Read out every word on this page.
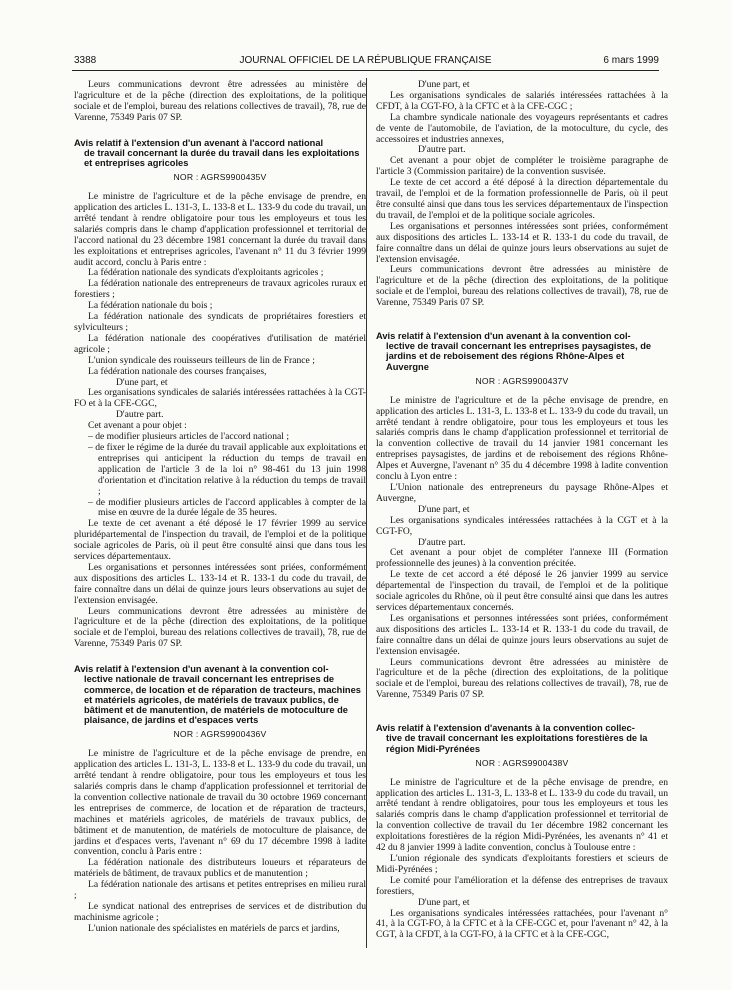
3388	JOURNAL OFFICIEL DE LA RÉPUBLIQUE FRANÇAISE	6 mars 1999

Leurs communications devront être adressées au ministère de l'agriculture et de la pêche (direction des exploitations, de la politique sociale et de l'emploi, bureau des relations collectives de travail), 78, rue de Varenne, 75349 Paris 07 SP.

Avis relatif à l'extension d'un avenant à l'accord national
de travail concernant la durée du travail dans les exploitations et entreprises agricoles
NOR : AGRS9900435V

Le ministre de l'agriculture et de la pêche envisage de prendre, en application des articles L. 131-3, L. 133-8 et L. 133-9 du code du travail, un arrêté tendant à rendre obligatoire pour tous les employeurs et tous les salariés compris dans le champ d'application professionnel et territorial de l'accord national du 23 décembre 1981 concernant la durée du travail dans les exploitations et entreprises agricoles, l'avenant n° 11 du 3 février 1999 audit accord, conclu à Paris entre :

La fédération nationale des syndicats d'exploitants agricoles ;

La fédération nationale des entrepreneurs de travaux agricoles ruraux et forestiers ;

La fédération nationale du bois ;

La fédération nationale des syndicats de propriétaires forestiers et sylviculteurs ;

La fédération nationale des coopératives d'utilisation de matériel agricole ;

L'union syndicale des rouisseurs teilleurs de lin de France ;

La fédération nationale des courses françaises,

D'une part, et

Les organisations syndicales de salariés intéressées rattachées à la CGT-FO et à la CFE-CGC,

D'autre part.

Cet avenant a pour objet :

– de modifier plusieurs articles de l'accord national ;
– de fixer le régime de la durée du travail applicable aux exploitations et entreprises qui anticipent la réduction du temps de travail en application de l'article 3 de la loi n° 98-461 du 13 juin 1998 d'orientation et d'incitation relative à la réduction du temps de travail ;
– de modifier plusieurs articles de l'accord applicables à compter de la mise en œuvre de la durée légale de 35 heures.

Le texte de cet avenant a été déposé le 17 février 1999 au service pluridépartemental de l'inspection du travail, de l'emploi et de la politique sociale agricoles de Paris, où il peut être consulté ainsi que dans tous les services départementaux.

Les organisations et personnes intéressées sont priées, conformément aux dispositions des articles L. 133-14 et R. 133-1 du code du travail, de faire connaître dans un délai de quinze jours leurs observations au sujet de l'extension envisagée.

Leurs communications devront être adressées au ministère de l'agriculture et de la pêche (direction des exploitations, de la politique sociale et de l'emploi, bureau des relations collectives de travail), 78, rue de Varenne, 75349 Paris 07 SP.

Avis relatif à l'extension d'un avenant à la convention col-
lective nationale de travail concernant les entreprises de commerce, de location et de réparation de tracteurs, machines et matériels agricoles, de matériels de travaux publics, de bâtiment et de manutention, de matériels de motoculture de plaisance, de jardins et d'espaces verts
NOR : AGRS9900436V

Le ministre de l'agriculture et de la pêche envisage de prendre, en application des articles L. 131-3, L. 133-8 et L. 133-9 du code du travail, un arrêté tendant à rendre obligatoire, pour tous les employeurs et tous les salariés compris dans le champ d'application professionnel et territorial de la convention collective nationale de travail du 30 octobre 1969 concernant les entreprises de commerce, de location et de réparation de tracteurs, machines et matériels agricoles, de matériels de travaux publics, de bâtiment et de manutention, de matériels de motoculture de plaisance, de jardins et d'espaces verts, l'avenant n° 69 du 17 décembre 1998 à ladite convention, conclu à Paris entre :

La fédération nationale des distributeurs loueurs et réparateurs de matériels de bâtiment, de travaux publics et de manutention ;

La fédération nationale des artisans et petites entreprises en milieu rural ;

Le syndicat national des entreprises de services et de distribution du machinisme agricole ;

L'union nationale des spécialistes en matériels de parcs et jardins,

D'une part, et

Les organisations syndicales de salariés intéressées rattachées à la CFDT, à la CGT-FO, à la CFTC et à la CFE-CGC ;

La chambre syndicale nationale des voyageurs représentants et cadres de vente de l'automobile, de l'aviation, de la motoculture, du cycle, des accessoires et industries annexes,

D'autre part.

Cet avenant a pour objet de compléter le troisième paragraphe de l'article 3 (Commission paritaire) de la convention susvisée.

Le texte de cet accord a été déposé à la direction départementale du travail, de l'emploi et de la formation professionnelle de Paris, où il peut être consulté ainsi que dans tous les services départementaux de l'inspection du travail, de l'emploi et de la politique sociale agricoles.

Les organisations et personnes intéressées sont priées, conformément aux dispositions des articles L. 133-14 et R. 133-1 du code du travail, de faire connaître dans un délai de quinze jours leurs observations au sujet de l'extension envisagée.

Leurs communications devront être adressées au ministère de l'agriculture et de la pêche (direction des exploitations, de la politique sociale et de l'emploi, bureau des relations collectives de travail), 78, rue de Varenne, 75349 Paris 07 SP.

Avis relatif à l'extension d'un avenant à la convention col-
lective de travail concernant les entreprises paysagistes, de jardins et de reboisement des régions Rhône-Alpes et Auvergne
NOR : AGRS9900437V

Le ministre de l'agriculture et de la pêche envisage de prendre, en application des articles L. 131-3, L. 133-8 et L. 133-9 du code du travail, un arrêté tendant à rendre obligatoire, pour tous les employeurs et tous les salariés compris dans le champ d'application professionnel et territorial de la convention collective de travail du 14 janvier 1981 concernant les entreprises paysagistes, de jardins et de reboisement des régions Rhône-Alpes et Auvergne, l'avenant n° 35 du 4 décembre 1998 à ladite convention conclu à Lyon entre :

L'Union nationale des entrepreneurs du paysage Rhône-Alpes et Auvergne,

D'une part, et

Les organisations syndicales intéressées rattachées à la CGT et à la CGT-FO,

D'autre part.

Cet avenant a pour objet de compléter l'annexe III (Formation professionnelle des jeunes) à la convention précitée.

Le texte de cet accord a été déposé le 26 janvier 1999 au service départemental de l'inspection du travail, de l'emploi et de la politique sociale agricoles du Rhône, où il peut être consulté ainsi que dans les autres services départementaux concernés.

Les organisations et personnes intéressées sont priées, conformément aux dispositions des articles L. 133-14 et R. 133-1 du code du travail, de faire connaître dans un délai de quinze jours leurs observations au sujet de l'extension envisagée.

Leurs communications devront être adressées au ministère de l'agriculture et de la pêche (direction des exploitations, de la politique sociale et de l'emploi, bureau des relations collectives de travail), 78, rue de Varenne, 75349 Paris 07 SP.

Avis relatif à l'extension d'avenants à la convention collec-
tive de travail concernant les exploitations forestières de la région Midi-Pyrénées
NOR : AGRS9900438V

Le ministre de l'agriculture et de la pêche envisage de prendre, en application des articles L. 131-3, L. 133-8 et L. 133-9 du code du travail, un arrêté tendant à rendre obligatoires, pour tous les employeurs et tous les salariés compris dans le champ d'application professionnel et territorial de la convention collective de travail du 1er décembre 1982 concernant les exploitations forestières de la région Midi-Pyrénées, les avenants n° 41 et 42 du 8 janvier 1999 à ladite convention, conclus à Toulouse entre :

L'union régionale des syndicats d'exploitants forestiers et scieurs de Midi-Pyrénées ;

Le comité pour l'amélioration et la défense des entreprises de travaux forestiers,

D'une part, et

Les organisations syndicales intéressées rattachées, pour l'avenant n° 41, à la CGT-FO, à la CFTC et à la CFE-CGC et, pour l'avenant n° 42, à la CGT, à la CFDT, à la CGT-FO, à la CFTC et à la CFE-CGC,
